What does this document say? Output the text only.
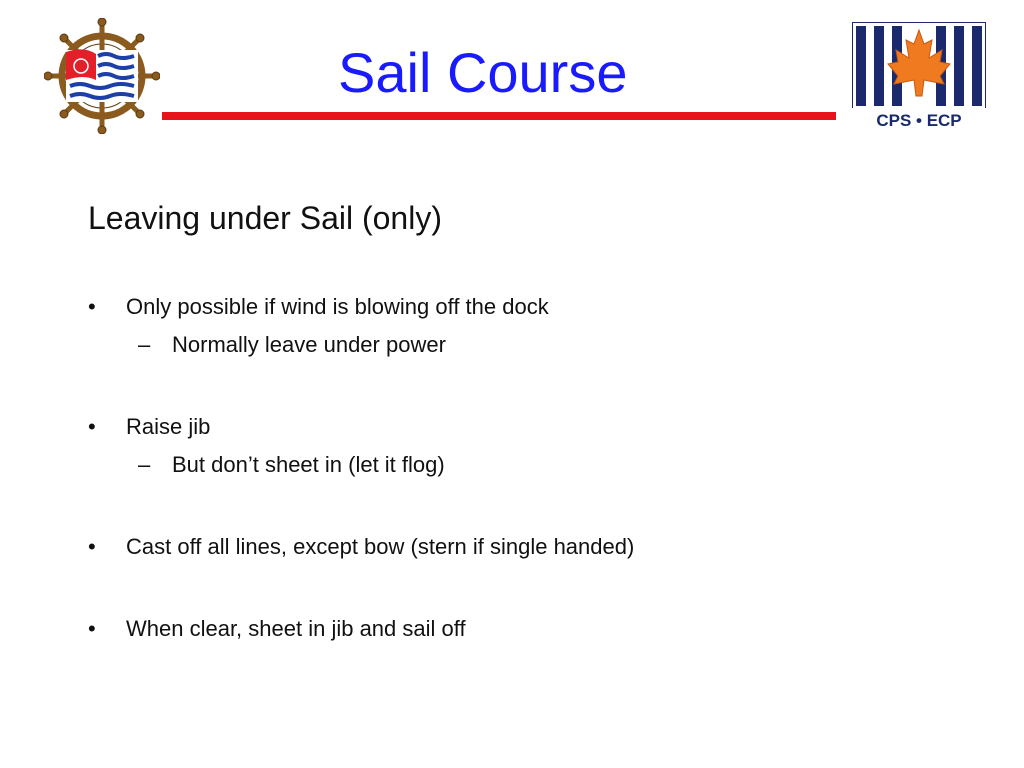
Sail Course
CPS • ECP
Leaving under Sail (only)
•	Only possible if wind is blowing off the dock
– Normally leave under power
•	Raise jib
– But don’t sheet in (let it flog)
•	Cast off all lines, except bow (stern if single handed)
•	When clear, sheet in jib and sail off
